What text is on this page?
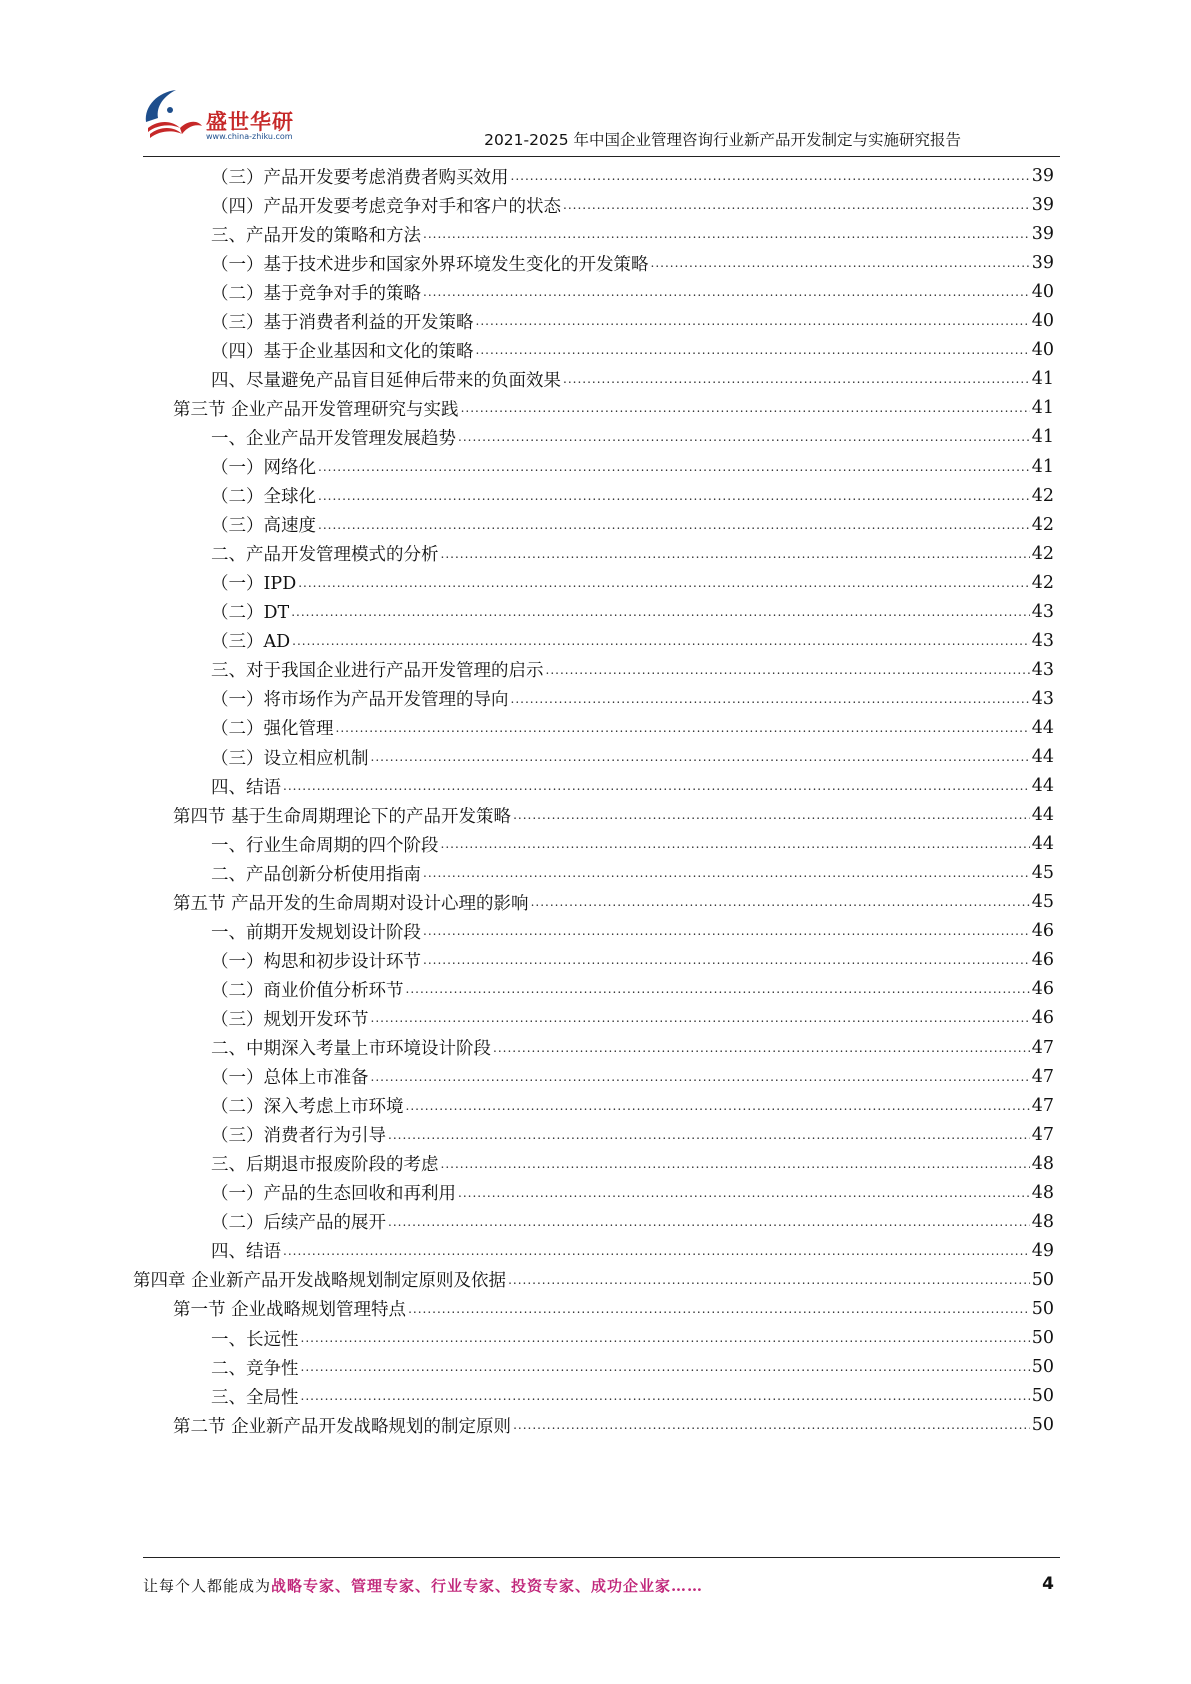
盛世华研
www.china-zhiku.com	2021-2025 年中国企业管理咨询行业新产品开发制定与实施研究报告
（三）产品开发要考虑消费者购买效用 .....	39
（四）产品开发要考虑竞争对手和客户的状态 .....	39
三、产品开发的策略和方法 .....	39
（一）基于技术进步和国家外界环境发生变化的开发策略 .....	39
（二）基于竞争对手的策略 .....	40
（三）基于消费者利益的开发策略 .....	40
（四）基于企业基因和文化的策略 .....	40
四、尽量避免产品盲目延伸后带来的负面效果 .....	41
第三节 企业产品开发管理研究与实践 .....	41
一、企业产品开发管理发展趋势 .....	41
（一）网络化 .....	41
（二）全球化 .....	42
（三）高速度 .....	42
二、产品开发管理模式的分析 .....	42
（一）IPD .....	42
（二）DT .....	43
（三）AD .....	43
三、对于我国企业进行产品开发管理的启示 .....	43
（一）将市场作为产品开发管理的导向 .....	43
（二）强化管理 .....	44
（三）设立相应机制 .....	44
四、结语 .....	44
第四节 基于生命周期理论下的产品开发策略 .....	44
一、行业生命周期的四个阶段 .....	44
二、产品创新分析使用指南 .....	45
第五节 产品开发的生命周期对设计心理的影响 .....	45
一、前期开发规划设计阶段 .....	46
（一）构思和初步设计环节 .....	46
（二）商业价值分析环节 .....	46
（三）规划开发环节 .....	46
二、中期深入考量上市环境设计阶段 .....	47
（一）总体上市准备 .....	47
（二）深入考虑上市环境 .....	47
（三）消费者行为引导 .....	47
三、后期退市报废阶段的考虑 .....	48
（一）产品的生态回收和再利用 .....	48
（二）后续产品的展开 .....	48
四、结语 .....	49
第四章 企业新产品开发战略规划制定原则及依据 .....	50
第一节 企业战略规划管理特点 .....	50
一、长远性 .....	50
二、竞争性 .....	50
三、全局性 .....	50
第二节 企业新产品开发战略规划的制定原则 .....	50
让每个人都能成为战略专家、管理专家、行业专家、投资专家、成功企业家……	4
